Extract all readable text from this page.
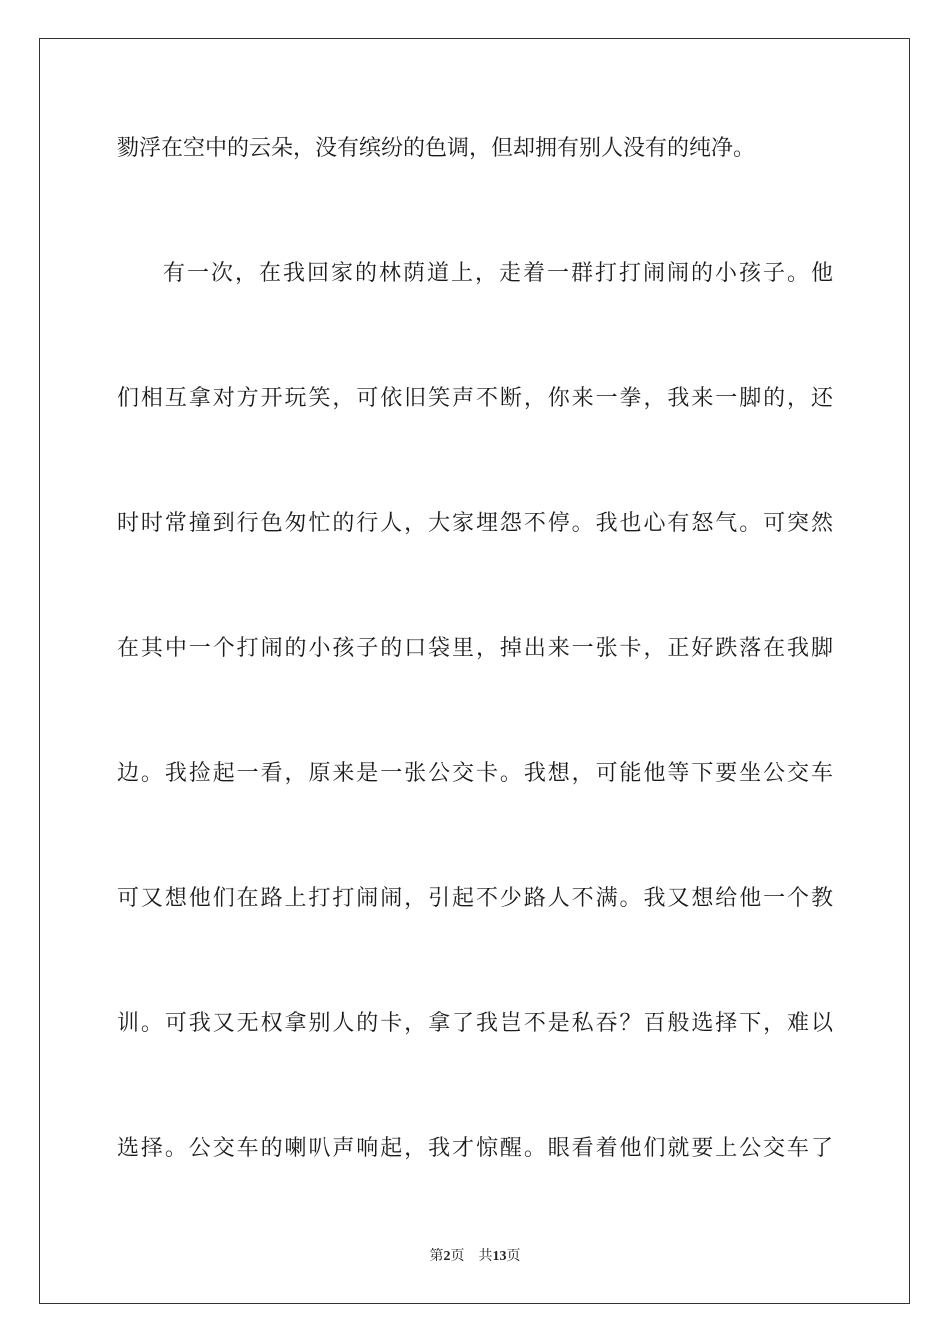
勠浮在空中的云朵，没有缤纷的色调，但却拥有别人没有的纯净。
有一次，在我回家的林荫道上，走着一群打打闹闹的小孩子。他
们相互拿对方开玩笑，可依旧笑声不断，你来一拳，我来一脚的，还
时时常撞到行色匆忙的行人，大家埋怨不停。我也心有怒气。可突然
在其中一个打闹的小孩子的口袋里，掉出来一张卡，正好跌落在我脚
边。我捡起一看，原来是一张公交卡。我想，可能他等下要坐公交车
可又想他们在路上打打闹闹，引起不少路人不满。我又想给他一个教
训。可我又无权拿别人的卡，拿了我岂不是私吞？百般选择下，难以
选择。公交车的喇叭声响起，我才惊醒。眼看着他们就要上公交车了
第2页 共13页
